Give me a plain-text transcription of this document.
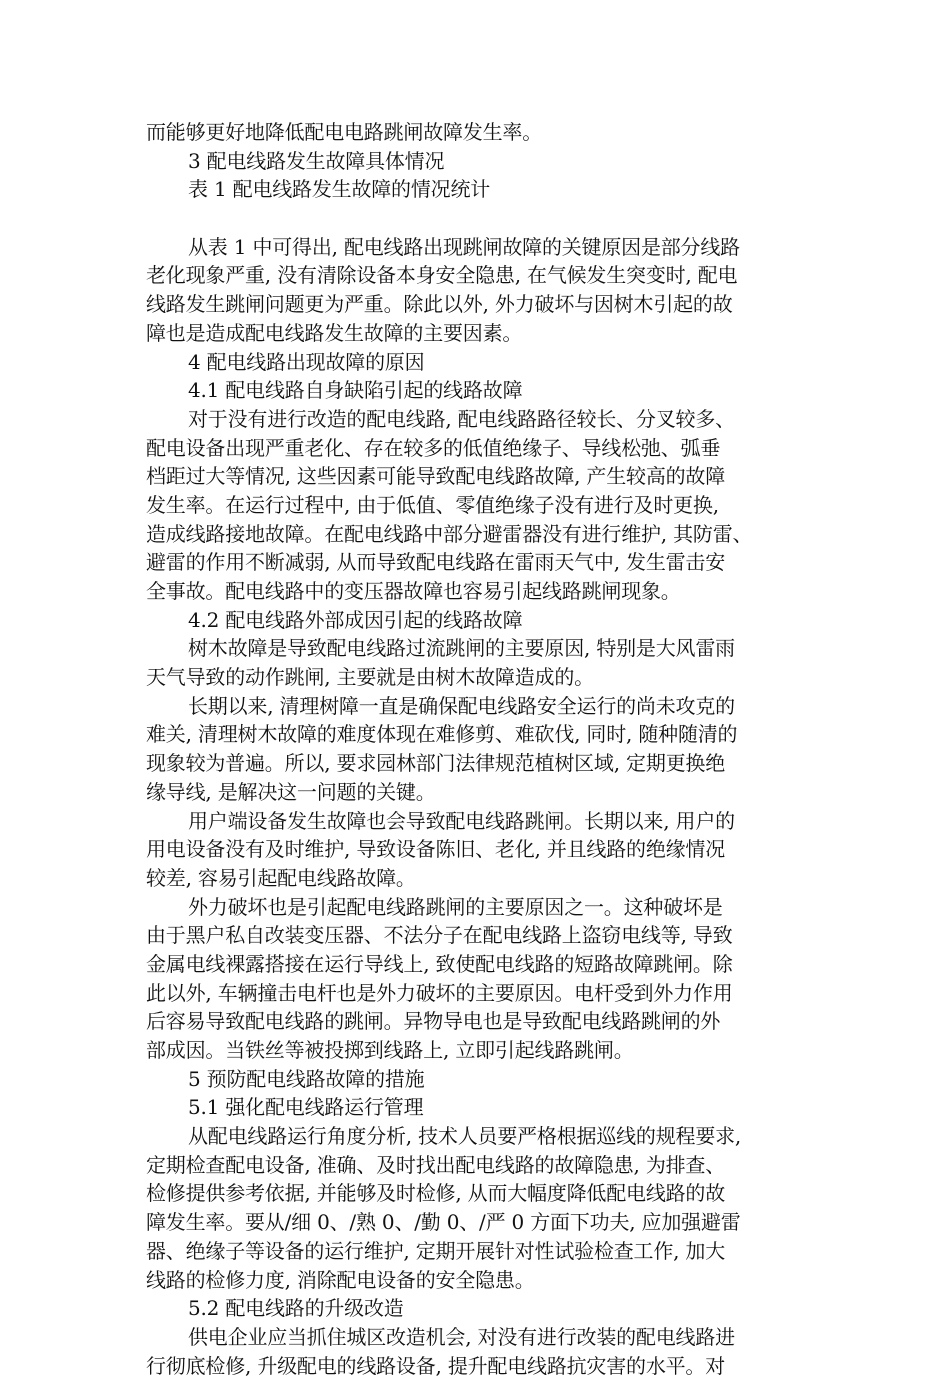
而能够更好地降低配电电路跳闸故障发生率。
3 配电线路发生故障具体情况
表 1 配电线路发生故障的情况统计
从表 1 中可得出, 配电线路出现跳闸故障的关键原因是部分线路
老化现象严重, 没有清除设备本身安全隐患, 在气候发生突变时, 配电
线路发生跳闸问题更为严重。除此以外, 外力破坏与因树木引起的故
障也是造成配电线路发生故障的主要因素。
4 配电线路出现故障的原因
4.1 配电线路自身缺陷引起的线路故障
对于没有进行改造的配电线路, 配电线路路径较长、分叉较多、
配电设备出现严重老化、存在较多的低值绝缘子、导线松弛、弧垂
档距过大等情况, 这些因素可能导致配电线路故障, 产生较高的故障
发生率。在运行过程中, 由于低值、零值绝缘子没有进行及时更换,
造成线路接地故障。在配电线路中部分避雷器没有进行维护, 其防雷、
避雷的作用不断减弱, 从而导致配电线路在雷雨天气中, 发生雷击安
全事故。配电线路中的变压器故障也容易引起线路跳闸现象。
4.2 配电线路外部成因引起的线路故障
树木故障是导致配电线路过流跳闸的主要原因, 特别是大风雷雨
天气导致的动作跳闸, 主要就是由树木故障造成的。
长期以来, 清理树障一直是确保配电线路安全运行的尚未攻克的
难关, 清理树木故障的难度体现在难修剪、难砍伐, 同时, 随种随清的
现象较为普遍。所以, 要求园林部门法律规范植树区域, 定期更换绝
缘导线, 是解决这一问题的关键。
用户端设备发生故障也会导致配电线路跳闸。长期以来, 用户的
用电设备没有及时维护, 导致设备陈旧、老化, 并且线路的绝缘情况
较差, 容易引起配电线路故障。
外力破坏也是引起配电线路跳闸的主要原因之一。这种破坏是
由于黑户私自改装变压器、不法分子在配电线路上盗窃电线等, 导致
金属电线裸露搭接在运行导线上, 致使配电线路的短路故障跳闸。除
此以外, 车辆撞击电杆也是外力破坏的主要原因。电杆受到外力作用
后容易导致配电线路的跳闸。异物导电也是导致配电线路跳闸的外
部成因。当铁丝等被投掷到线路上, 立即引起线路跳闸。
5 预防配电线路故障的措施
5.1 强化配电线路运行管理
从配电线路运行角度分析, 技术人员要严格根据巡线的规程要求,
定期检查配电设备, 准确、及时找出配电线路的故障隐患, 为排查、
检修提供参考依据, 并能够及时检修, 从而大幅度降低配电线路的故
障发生率。要从/细 0、/熟 0、/勤 0、/严 0 方面下功夫, 应加强避雷
器、绝缘子等设备的运行维护, 定期开展针对性试验检查工作, 加大
线路的检修力度, 消除配电设备的安全隐患。
5.2 配电线路的升级改造
供电企业应当抓住城区改造机会, 对没有进行改装的配电线路进
行彻底检修, 升级配电的线路设备, 提升配电线路抗灾害的水平。对
